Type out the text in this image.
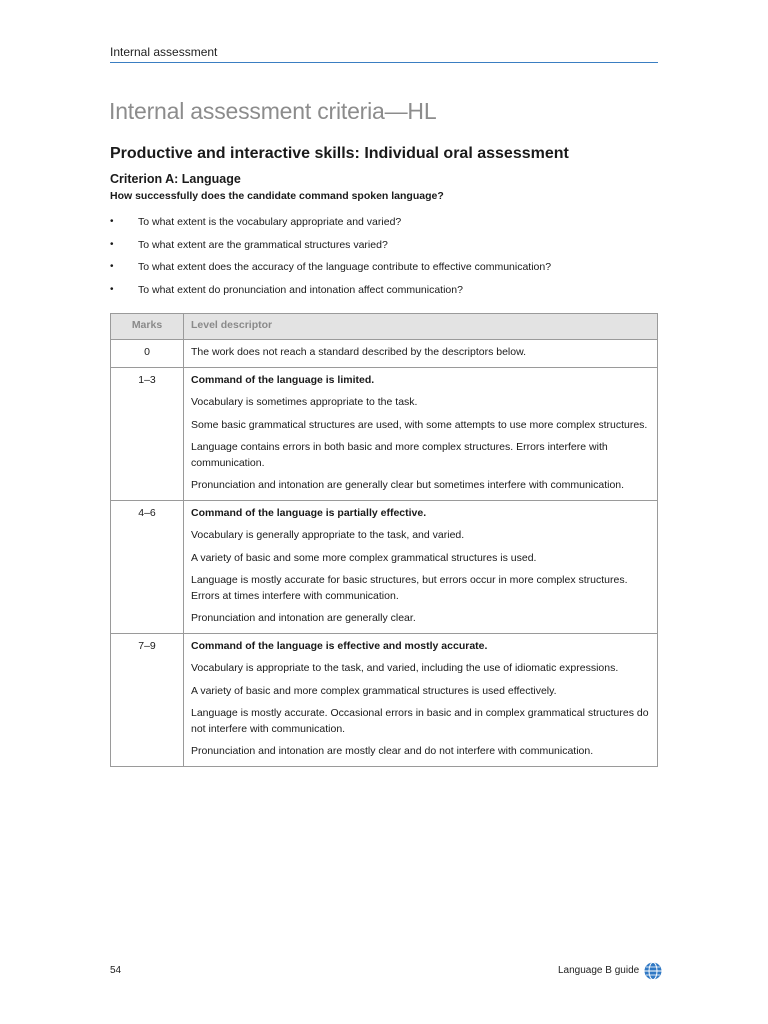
Internal assessment
Internal assessment criteria—HL
Productive and interactive skills: Individual oral assessment
Criterion A: Language
How successfully does the candidate command spoken language?
• To what extent is the vocabulary appropriate and varied?
• To what extent are the grammatical structures varied?
• To what extent does the accuracy of the language contribute to effective communication?
• To what extent do pronunciation and intonation affect communication?
Marks	Level descriptor
0	The work does not reach a standard described by the descriptors below.

1–3	Command of the language is limited.

Vocabulary is sometimes appropriate to the task.

Some basic grammatical structures are used, with some attempts to use more complex structures.

Language contains errors in both basic and more complex structures. Errors interfere with communication.

Pronunciation and intonation are generally clear but sometimes interfere with communication.

4–6	Command of the language is partially effective.

Vocabulary is generally appropriate to the task, and varied.

A variety of basic and some more complex grammatical structures is used.

Language is mostly accurate for basic structures, but errors occur in more complex structures. Errors at times interfere with communication.

Pronunciation and intonation are generally clear.

7–9	Command of the language is effective and mostly accurate.

Vocabulary is appropriate to the task, and varied, including the use of idiomatic expressions.

A variety of basic and more complex grammatical structures is used effectively.

Language is mostly accurate. Occasional errors in basic and in complex grammatical structures do not interfere with communication.

Pronunciation and intonation are mostly clear and do not interfere with communication.

54	Language B guide
